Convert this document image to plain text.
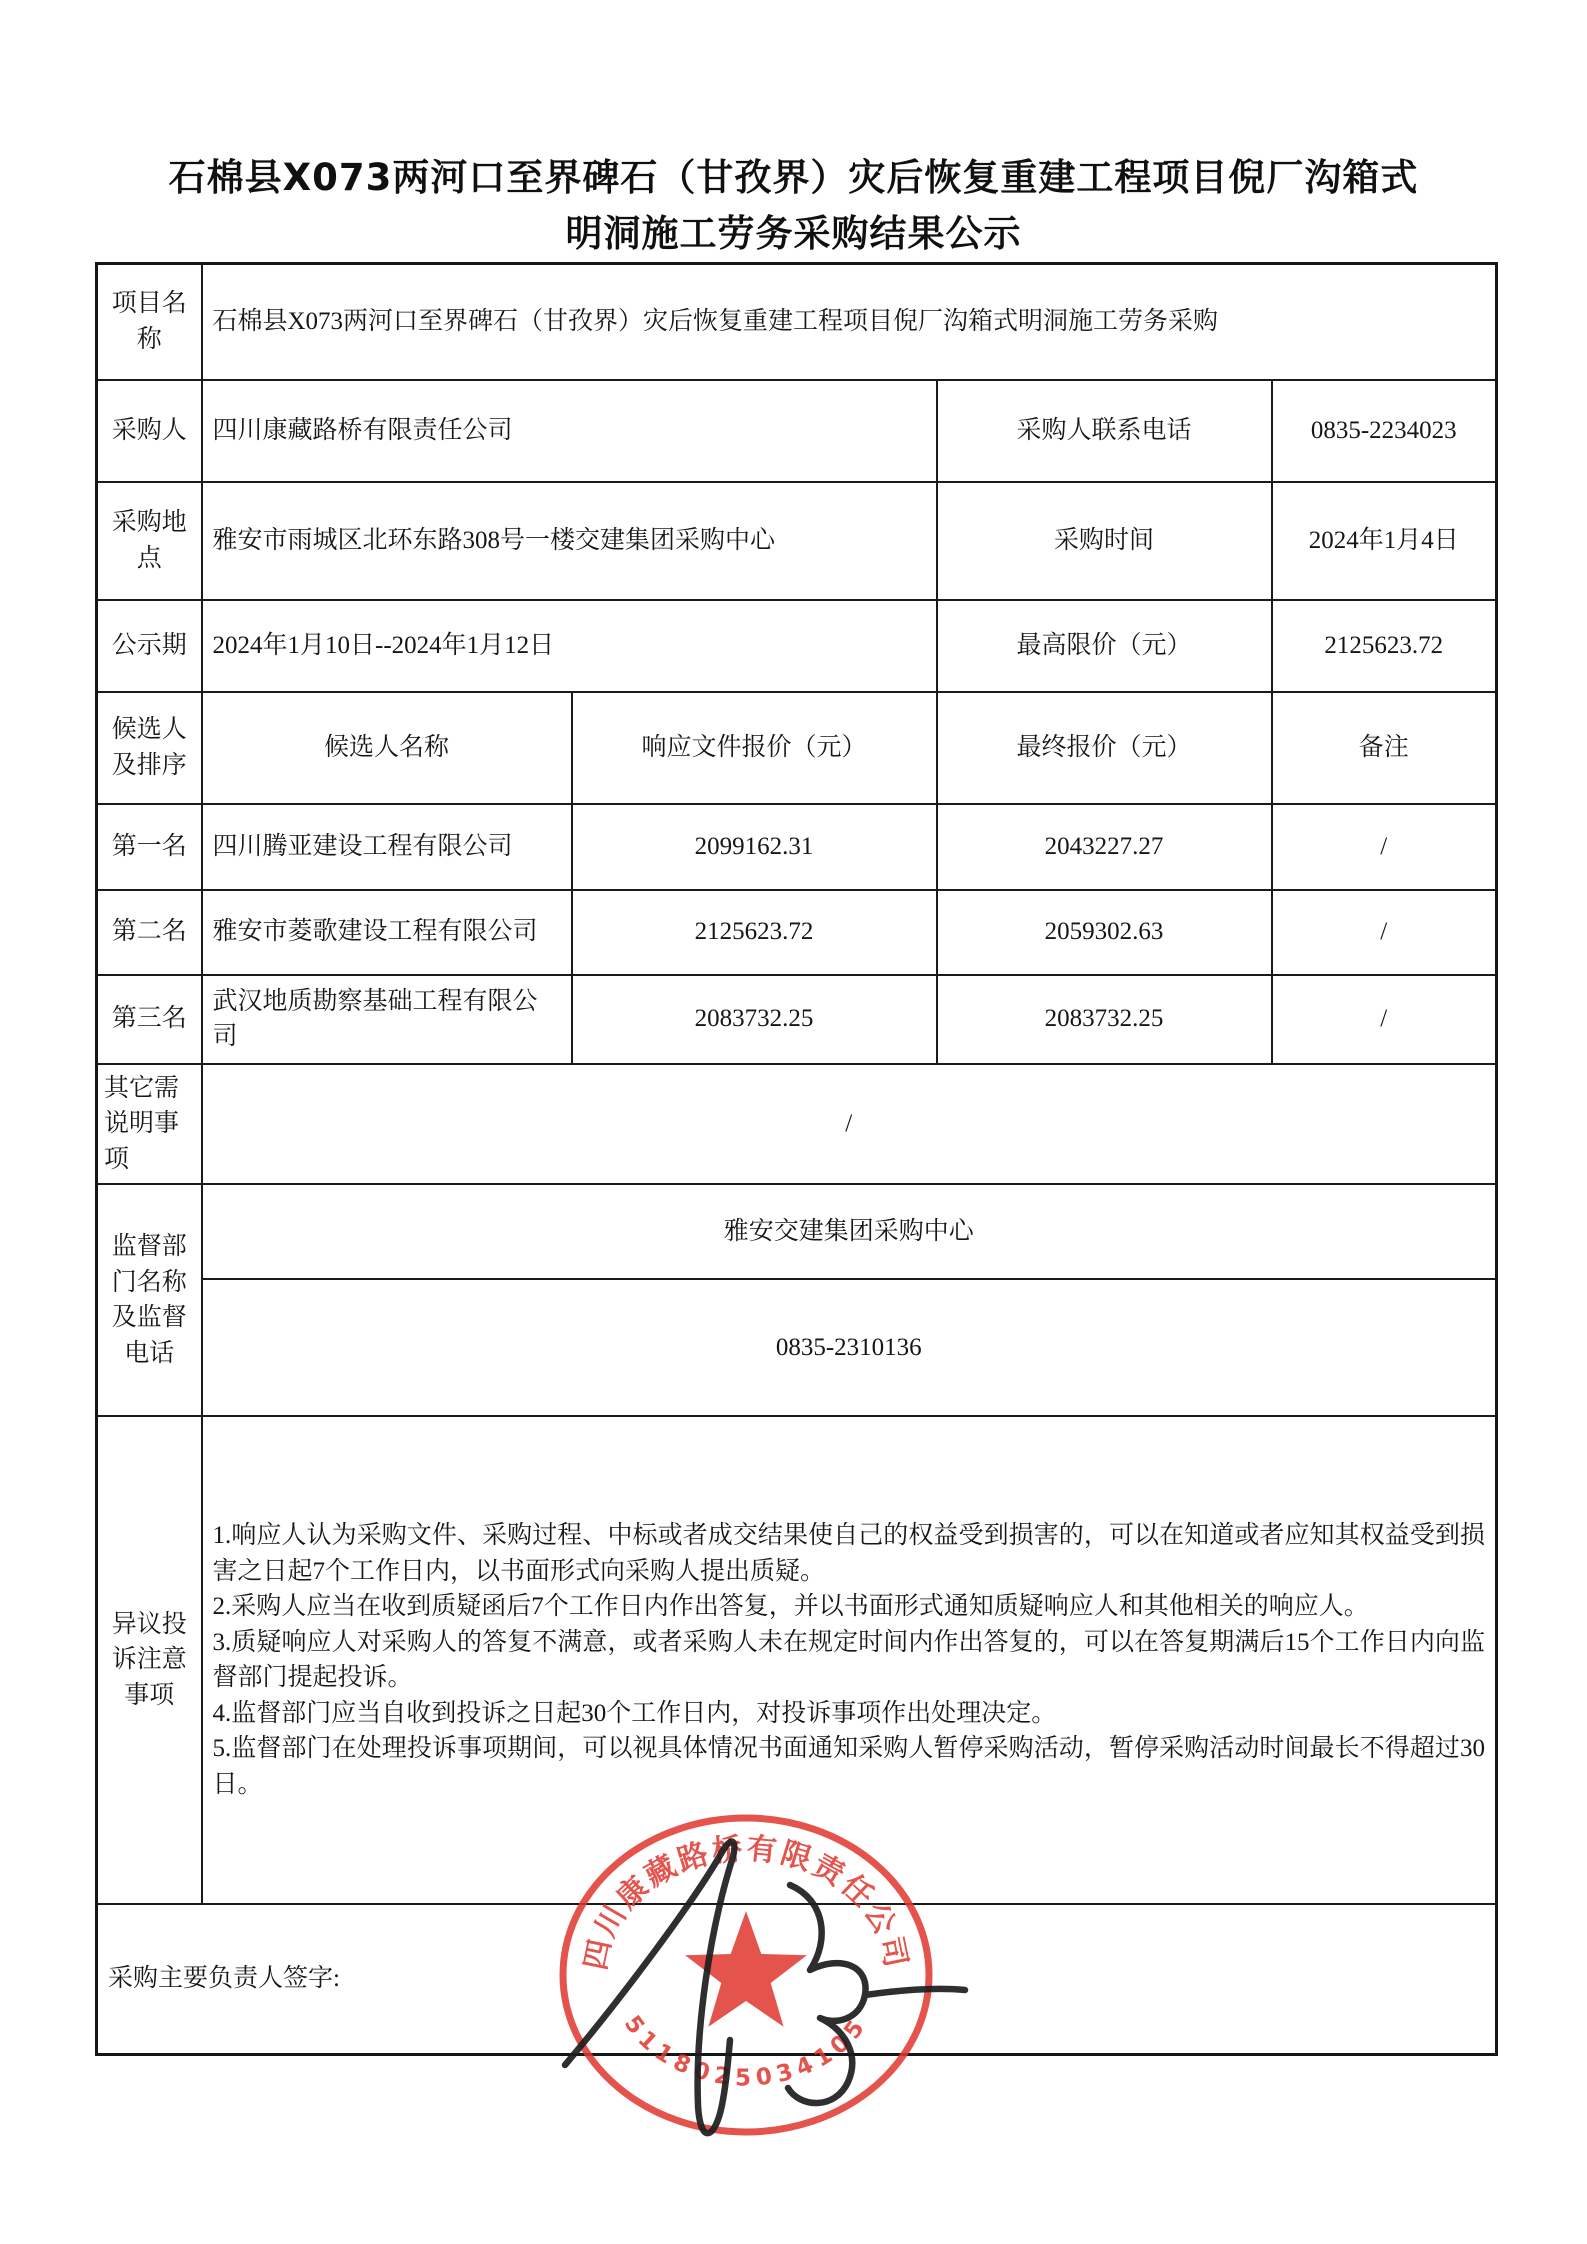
石棉县X073两河口至界碑石（甘孜界）灾后恢复重建工程项目倪厂沟箱式
明洞施工劳务采购结果公示
项目名称	石棉县X073两河口至界碑石（甘孜界）灾后恢复重建工程项目倪厂沟箱式明洞施工劳务采购			
采购人	四川康藏路桥有限责任公司		采购人联系电话	0835-2234023
采购地点	雅安市雨城区北环东路308号一楼交建集团采购中心		采购时间	2024年1月4日
公示期	2024年1月10日--2024年1月12日		最高限价（元）	2125623.72
候选人及排序	候选人名称	响应文件报价（元）	最终报价（元）	备注
第一名	四川腾亚建设工程有限公司	2099162.31	2043227.27	/
第二名	雅安市菱歌建设工程有限公司	2125623.72	2059302.63	/
第三名	武汉地质勘察基础工程有限公司	2083732.25	2083732.25	/
其它需说明事项	/			
监督部门名称及监督电话	雅安交建集团采购中心			
	0835-2310136			
异议投诉注意事项	1.响应人认为采购文件、采购过程、中标或者成交结果使自己的权益受到损害的，可以在知道或者应知其权益受到损害之日起7个工作日内，以书面形式向采购人提出质疑。
2.采购人应当在收到质疑函后7个工作日内作出答复，并以书面形式通知质疑响应人和其他相关的响应人。
3.质疑响应人对采购人的答复不满意，或者采购人未在规定时间内作出答复的，可以在答复期满后15个工作日内向监督部门提起投诉。
4.监督部门应当自收到投诉之日起30个工作日内，对投诉事项作出处理决定。
5.监督部门在处理投诉事项期间，可以视具体情况书面通知采购人暂停采购活动，暂停采购活动时间最长不得超过30日。			

采购主要负责人签字:				
四川康藏路桥有限责任公司
5118025034105
